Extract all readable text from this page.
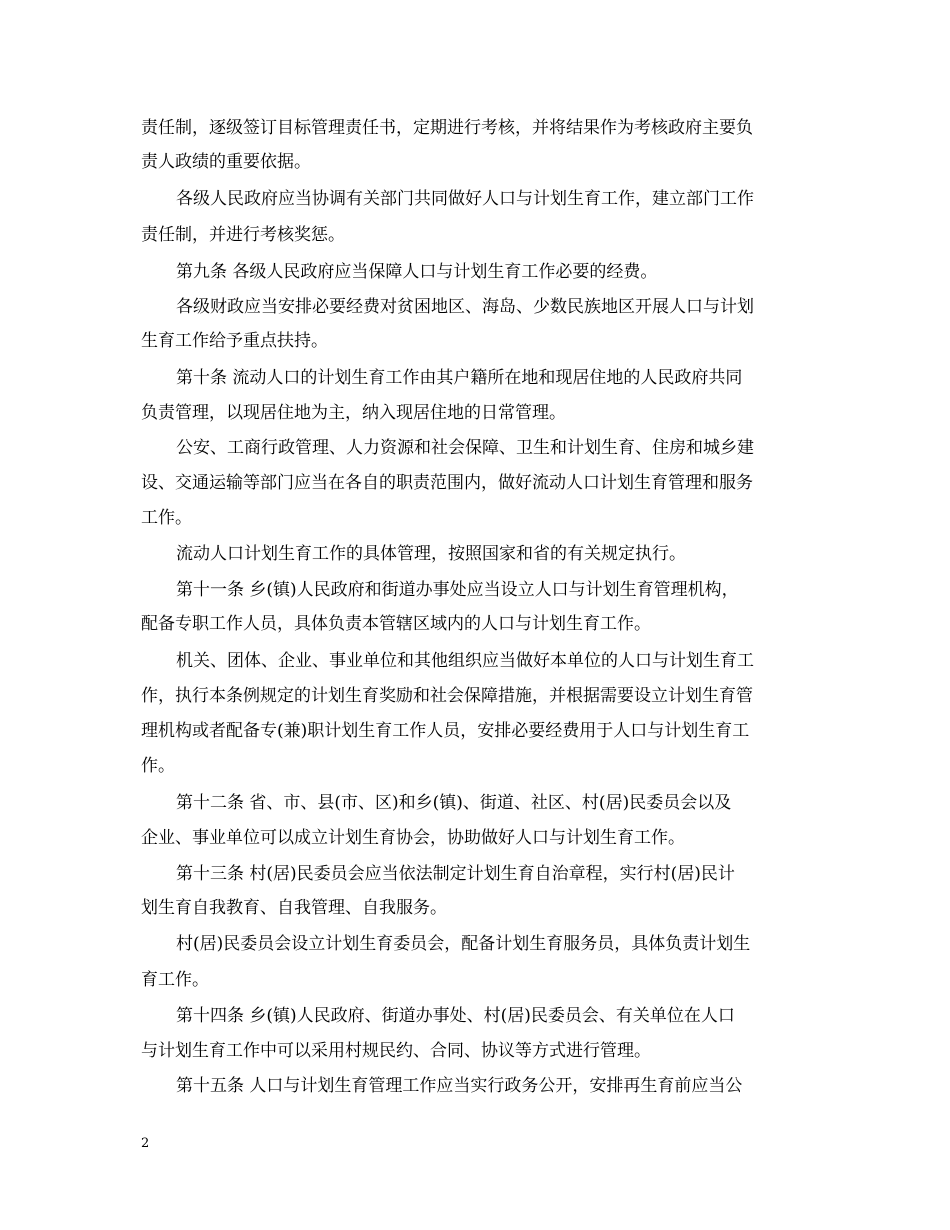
责任制，逐级签订目标管理责任书，定期进行考核，并将结果作为考核政府主要负
责人政绩的重要依据。
各级人民政府应当协调有关部门共同做好人口与计划生育工作，建立部门工作
责任制，并进行考核奖惩。
第九条 各级人民政府应当保障人口与计划生育工作必要的经费。
各级财政应当安排必要经费对贫困地区、海岛、少数民族地区开展人口与计划
生育工作给予重点扶持。
第十条 流动人口的计划生育工作由其户籍所在地和现居住地的人民政府共同
负责管理，以现居住地为主，纳入现居住地的日常管理。
公安、工商行政管理、人力资源和社会保障、卫生和计划生育、住房和城乡建
设、交通运输等部门应当在各自的职责范围内，做好流动人口计划生育管理和服务
工作。
流动人口计划生育工作的具体管理，按照国家和省的有关规定执行。
第十一条 乡(镇)人民政府和街道办事处应当设立人口与计划生育管理机构，
配备专职工作人员，具体负责本管辖区域内的人口与计划生育工作。
机关、团体、企业、事业单位和其他组织应当做好本单位的人口与计划生育工
作，执行本条例规定的计划生育奖励和社会保障措施，并根据需要设立计划生育管
理机构或者配备专(兼)职计划生育工作人员，安排必要经费用于人口与计划生育工
作。
第十二条 省、市、县(市、区)和乡(镇)、街道、社区、村(居)民委员会以及
企业、事业单位可以成立计划生育协会，协助做好人口与计划生育工作。
第十三条 村(居)民委员会应当依法制定计划生育自治章程，实行村(居)民计
划生育自我教育、自我管理、自我服务。
村(居)民委员会设立计划生育委员会，配备计划生育服务员，具体负责计划生
育工作。
第十四条 乡(镇)人民政府、街道办事处、村(居)民委员会、有关单位在人口
与计划生育工作中可以采用村规民约、合同、协议等方式进行管理。
第十五条 人口与计划生育管理工作应当实行政务公开，安排再生育前应当公
2
